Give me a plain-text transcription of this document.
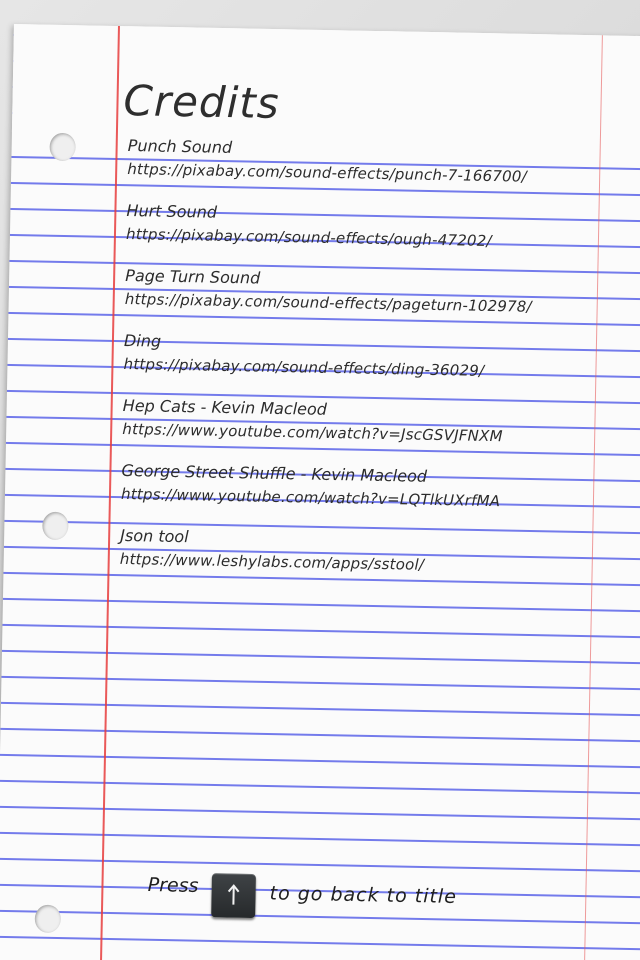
Credits
Punch Sound
https://pixabay.com/sound-effects/punch-7-166700/
Hurt Sound
https://pixabay.com/sound-effects/ough-47202/
Page Turn Sound
https://pixabay.com/sound-effects/pageturn-102978/
Ding
https://pixabay.com/sound-effects/ding-36029/
Hep Cats - Kevin Macleod
https://www.youtube.com/watch?v=JscGSVJFNXM
George Street Shuffle - Kevin Macleod
https://www.youtube.com/watch?v=LQTlkUXrfMA
Json tool
https://www.leshylabs.com/apps/sstool/
Press	to go back to title
